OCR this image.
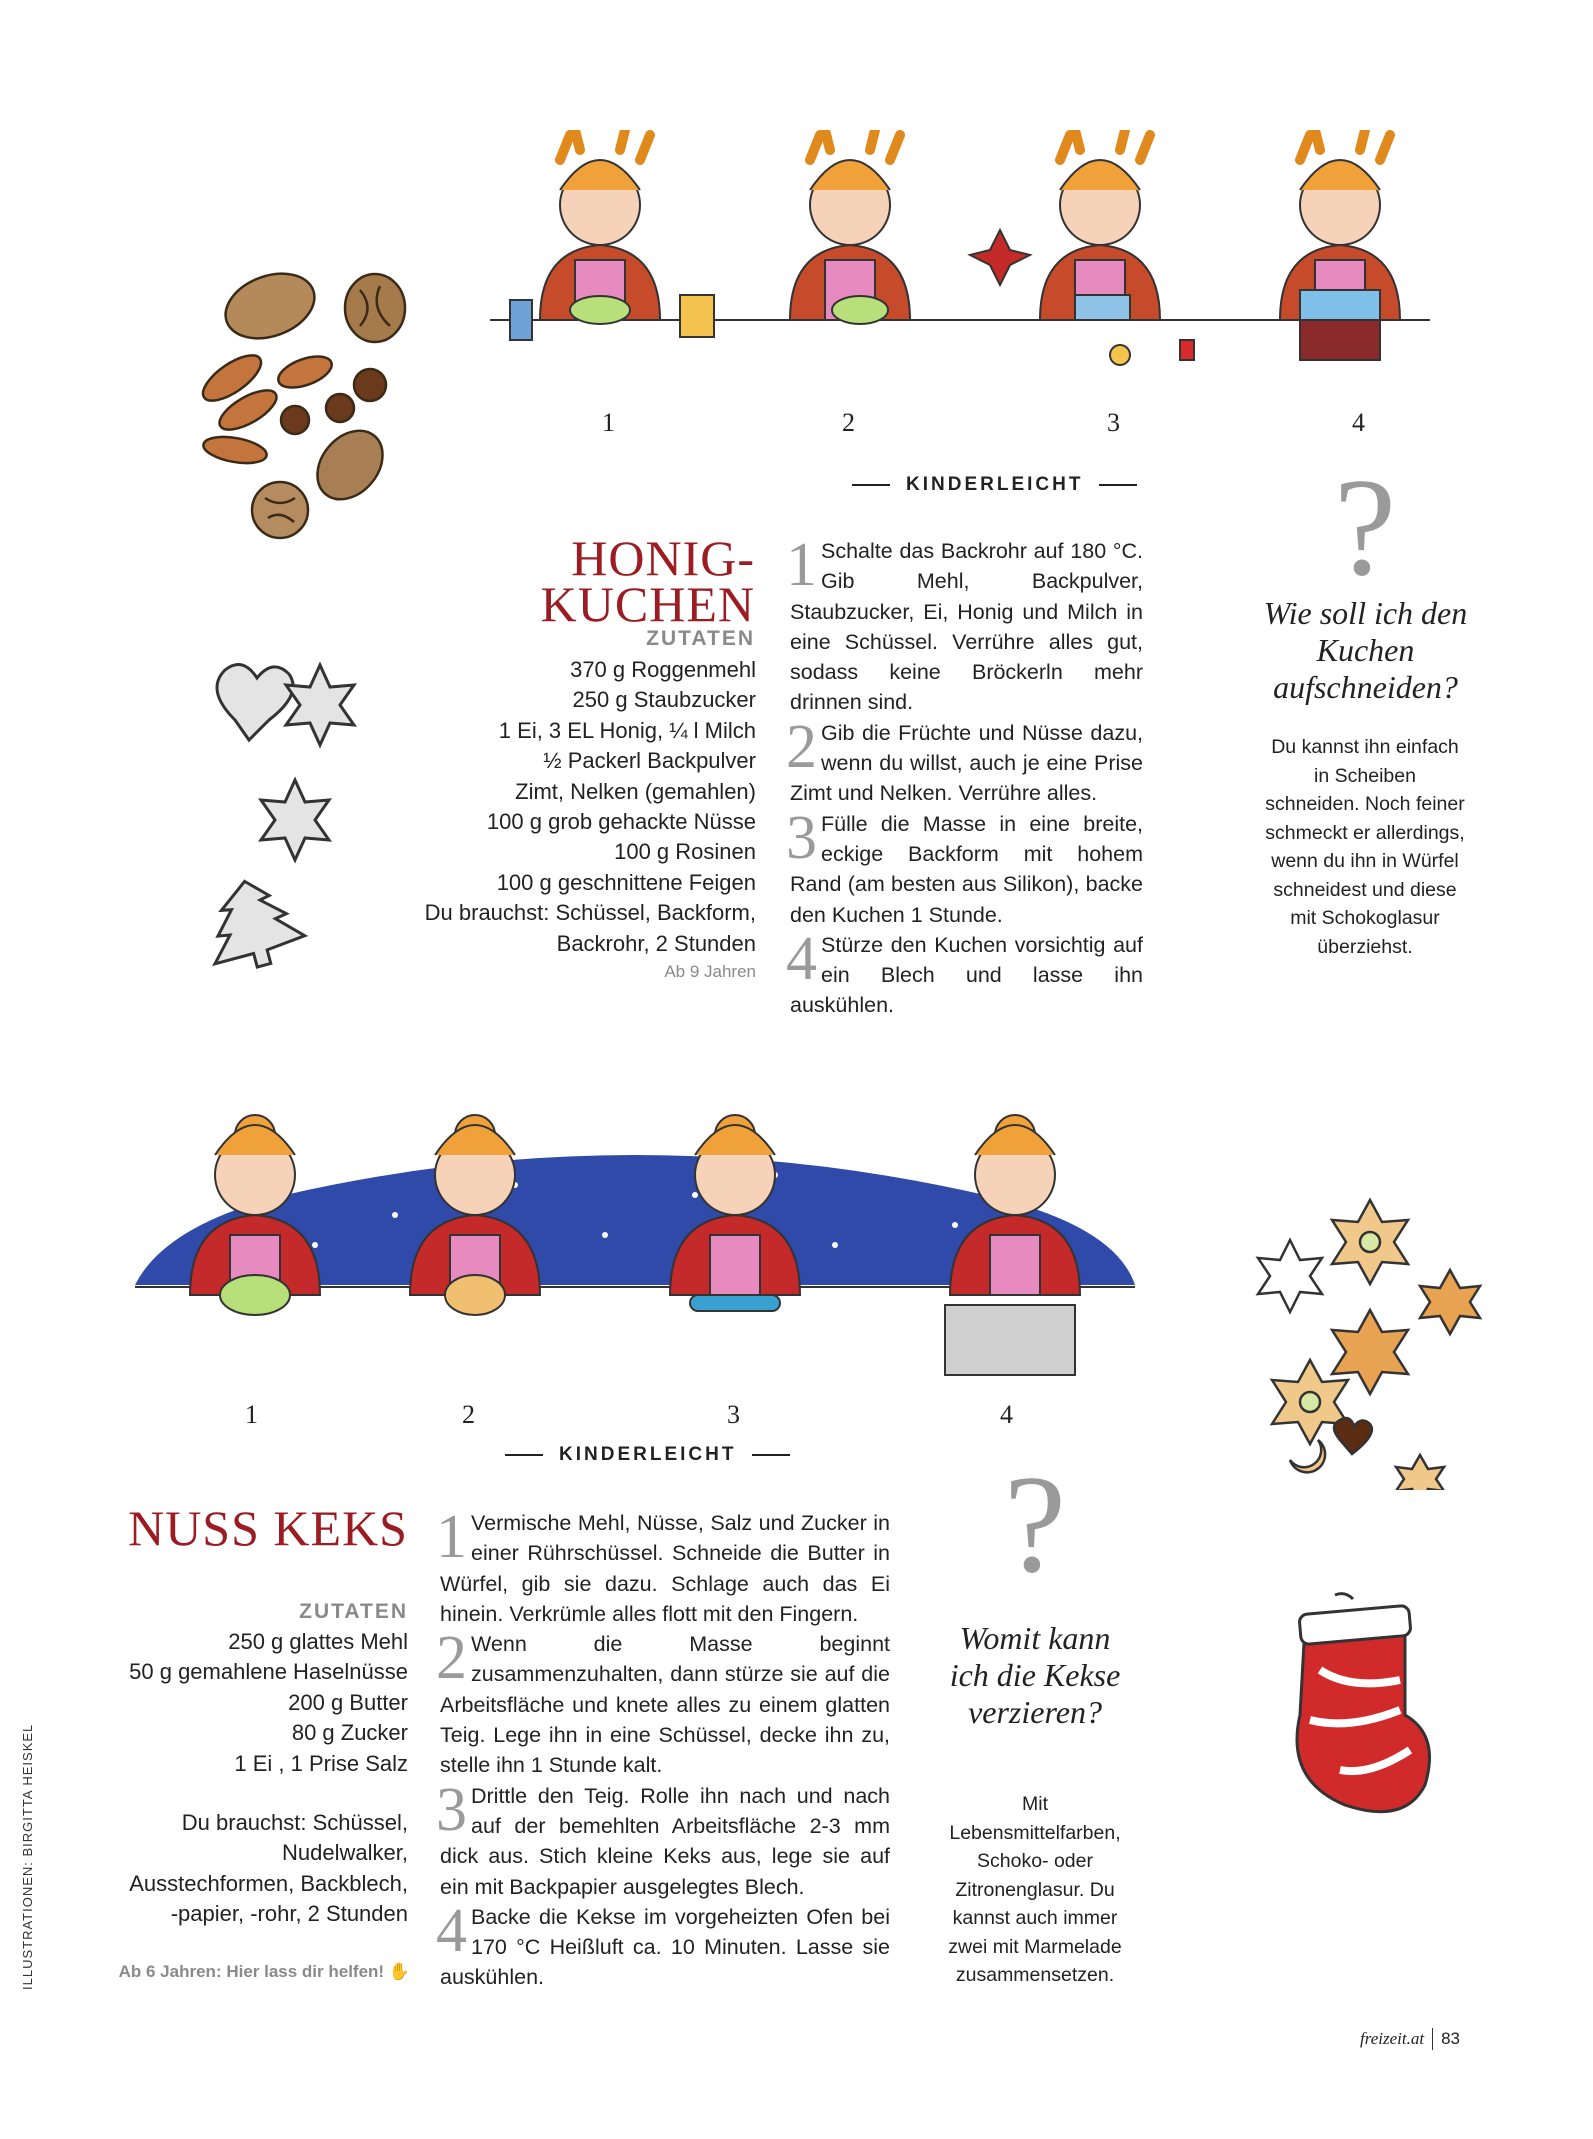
ILLUSTRATIONEN: BIRGITTA HEISKEL
1	2	3	4
KINDERLEICHT
HONIG-
KUCHEN
ZUTATEN
370 g Roggenmehl
250 g Staubzucker
1 Ei, 3 EL Honig, ¼ l Milch
½ Packerl Backpulver
Zimt, Nelken (gemahlen)
100 g grob gehackte Nüsse
100 g Rosinen
100 g geschnittene Feigen
Du brauchst: Schüssel, Backform,
Backrohr, 2 Stunden
Ab 9 Jahren
1 Schalte das Backrohr auf 180 °C. Gib Mehl, Backpulver, Staubzucker, Ei, Honig und Milch in eine Schüssel. Verrühre alles gut, sodass keine Bröckerln mehr drinnen sind.
2 Gib die Früchte und Nüsse dazu, wenn du willst, auch je eine Prise Zimt und Nelken. Verrühre alles.
3 Fülle die Masse in eine breite, eckige Backform mit hohem Rand (am besten aus Silikon), backe den Kuchen 1 Stunde.
4 Stürze den Kuchen vorsichtig auf ein Blech und lasse ihn auskühlen.
?
Wie soll ich den Kuchen aufschneiden?
Du kannst ihn einfach in Scheiben schneiden. Noch feiner schmeckt er allerdings, wenn du ihn in Würfel schneidest und diese mit Schokoglasur überziehst.
1	2	3	4
KINDERLEICHT
NUSS KEKS
ZUTATEN
250 g glattes Mehl
50 g gemahlene Haselnüsse
200 g Butter
80 g Zucker
1 Ei , 1 Prise Salz
Du brauchst: Schüssel,
Nudelwalker,
Ausstechformen, Backblech,
-papier, -rohr, 2 Stunden
Ab 6 Jahren: Hier lass dir helfen! ✋
1 Vermische Mehl, Nüsse, Salz und Zucker in einer Rührschüssel. Schneide die Butter in Würfel, gib sie dazu. Schlage auch das Ei hinein. Verkrümle alles flott mit den Fingern.
2 Wenn die Masse beginnt zusammenzuhalten, dann stürze sie auf die Arbeitsfläche und knete alles zu einem glatten Teig. Lege ihn in eine Schüssel, decke ihn zu, stelle ihn 1 Stunde kalt.
3 Drittle den Teig. Rolle ihn nach und nach auf der bemehlten Arbeitsfläche 2-3 mm dick aus. Stich kleine Keks aus, lege sie auf ein mit Backpapier ausgelegtes Blech.
4 Backe die Kekse im vorgeheizten Ofen bei 170 °C Heißluft ca. 10 Minuten. Lasse sie auskühlen.
?
Womit kann ich die Kekse verzieren?
Mit Lebensmittelfarben, Schoko- oder Zitronenglasur. Du kannst auch immer zwei mit Marmelade zusammensetzen.
freizeit.at 83
